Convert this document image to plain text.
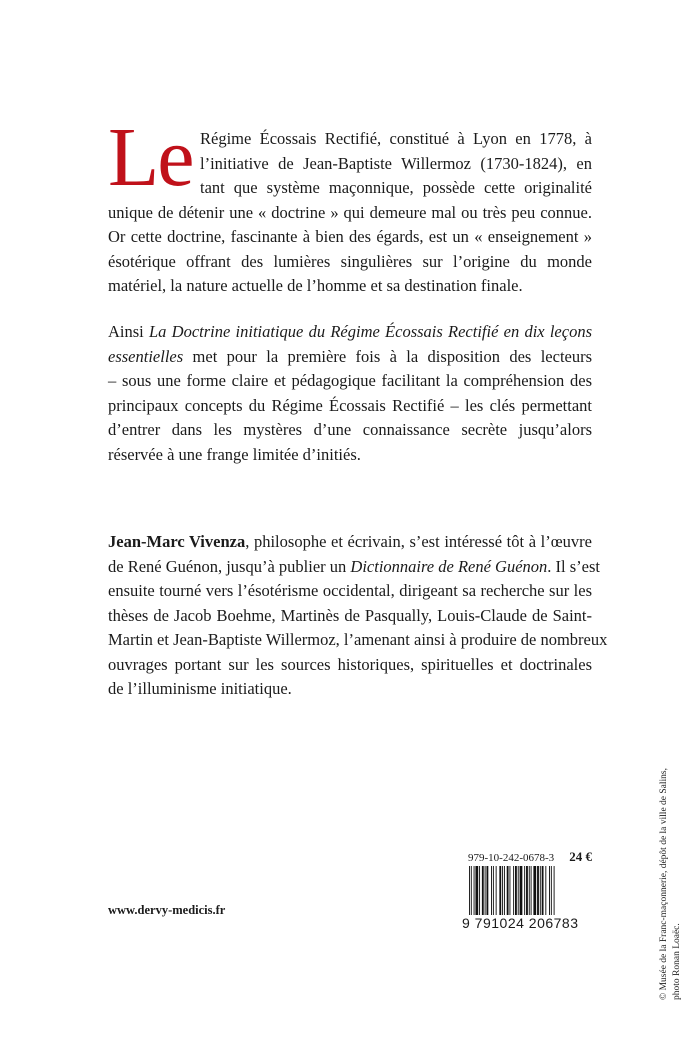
Le Régime Écossais Rectifié, constitué à Lyon en 1778, à
l’initiative de Jean-Baptiste Willermoz (1730-1824), en
tant que système maçonnique, possède cette originalité
unique de détenir une « doctrine » qui demeure mal ou très peu connue.
Or cette doctrine, fascinante à bien des égards, est un « enseignement »
ésotérique offrant des lumières singulières sur l’origine du monde
matériel, la nature actuelle de l’homme et sa destination finale.
Ainsi La Doctrine initiatique du Régime Écossais Rectifié en dix leçons
essentielles met pour la première fois à la disposition des lecteurs
– sous une forme claire et pédagogique facilitant la compréhension des
principaux concepts du Régime Écossais Rectifié – les clés permettant
d’entrer dans les mystères d’une connaissance secrète jusqu’alors
réservée à une frange limitée d’initiés.
Jean-Marc Vivenza, philosophe et écrivain, s’est intéressé tôt à l’œuvre
de René Guénon, jusqu’à publier un Dictionnaire de René Guénon. Il s’est
ensuite tourné vers l’ésotérisme occidental, dirigeant sa recherche sur les
thèses de Jacob Boehme, Martinès de Pasqually, Louis-Claude de Saint-
Martin et Jean-Baptiste Willermoz, l’amenant ainsi à produire de nombreux
ouvrages portant sur les sources historiques, spirituelles et doctrinales
de l’illuminisme initiatique.
979-10-242-0678-3 24 €
9 791024 206783
www.dervy-medicis.fr	© Musée de la Franc-maçonnerie, dépôt de la ville de Salins, photo Ronan Loaëc.
